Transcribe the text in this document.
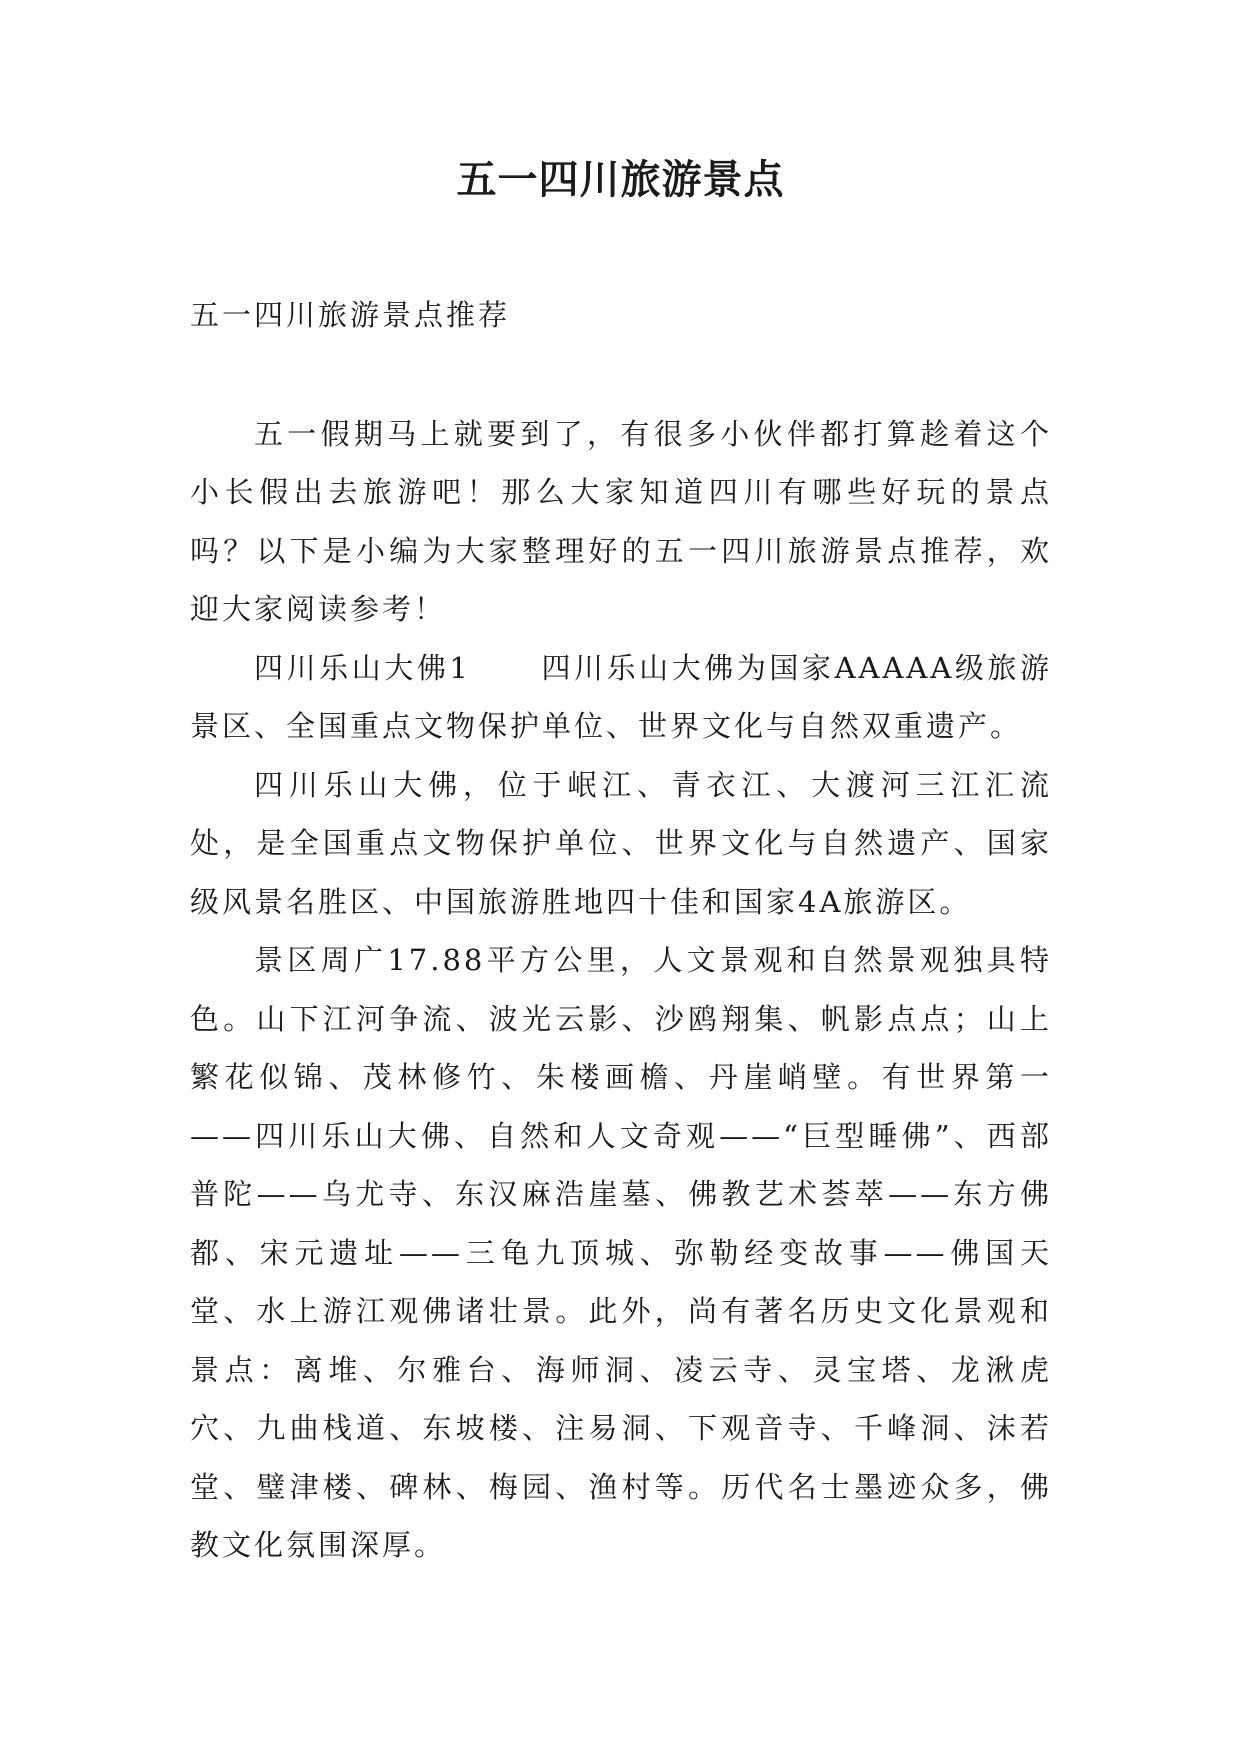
五一四川旅游景点

五一四川旅游景点推荐

五一假期马上就要到了，有很多小伙伴都打算趁着这个小长假出去旅游吧！那么大家知道四川有哪些好玩的景点吗？以下是小编为大家整理好的五一四川旅游景点推荐，欢迎大家阅读参考！

四川乐山大佛1 四川乐山大佛为国家AAAAA级旅游景区、全国重点文物保护单位、世界文化与自然双重遗产。

四川乐山大佛，位于岷江、青衣江、大渡河三江汇流处，是全国重点文物保护单位、世界文化与自然遗产、国家级风景名胜区、中国旅游胜地四十佳和国家4A旅游区。

景区周广17.88平方公里，人文景观和自然景观独具特色。山下江河争流、波光云影、沙鸥翔集、帆影点点；山上繁花似锦、茂林修竹、朱楼画檐、丹崖峭壁。有世界第一——四川乐山大佛、自然和人文奇观——“巨型睡佛”、西部普陀——乌尤寺、东汉麻浩崖墓、佛教艺术荟萃——东方佛都、宋元遗址——三龟九顶城、弥勒经变故事——佛国天堂、水上游江观佛诸壮景。此外，尚有著名历史文化景观和景点：离堆、尔雅台、海师洞、凌云寺、灵宝塔、龙湫虎穴、九曲栈道、东坡楼、注易洞、下观音寺、千峰洞、沫若堂、璧津楼、碑林、梅园、渔村等。历代名士墨迹众多，佛教文化氛围深厚。
